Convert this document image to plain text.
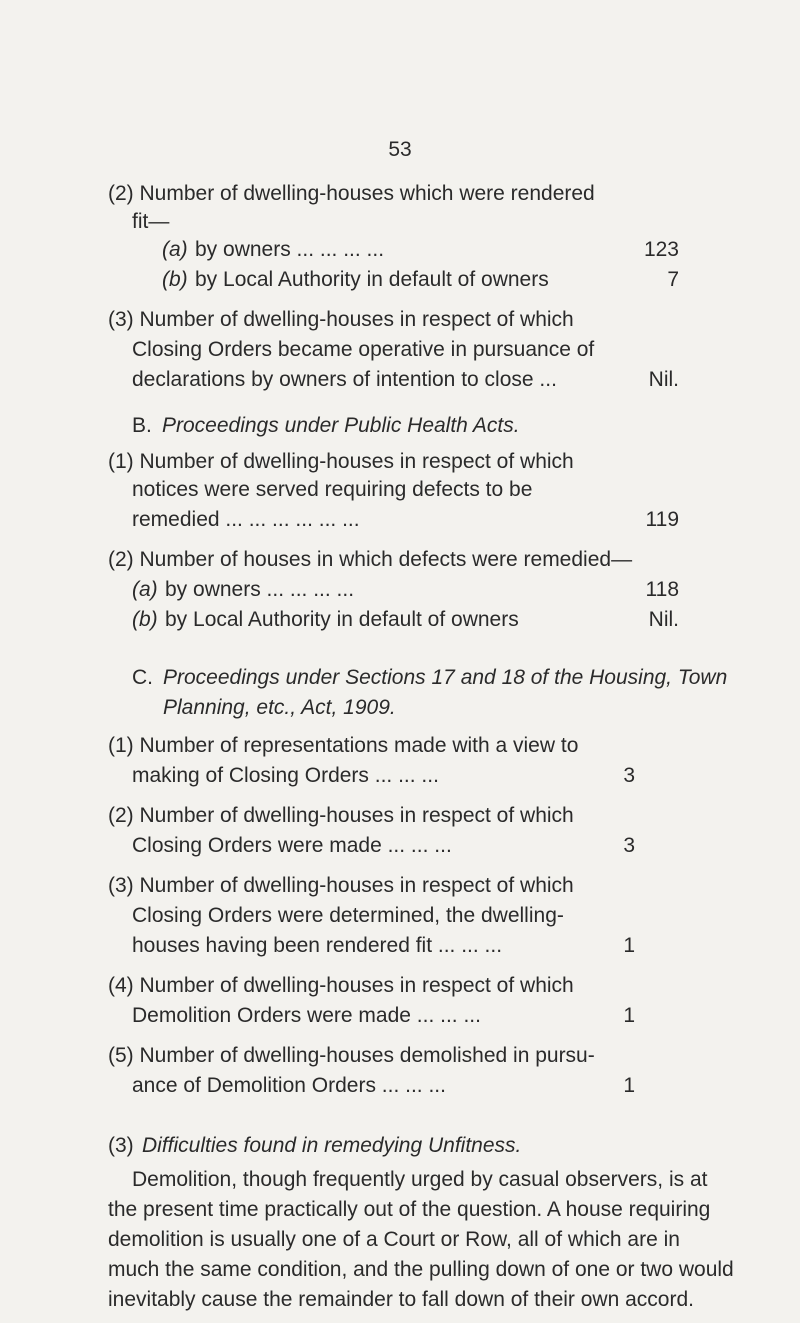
53
(2) Number of dwelling-houses which were rendered
fit—
(a) by owners ... ... ... ...	123
(b) by Local Authority in default of owners	7
(3) Number of dwelling-houses in respect of which
Closing Orders became operative in pursuance of
declarations by owners of intention to close ...	Nil.
B. Proceedings under Public Health Acts.
(1) Number of dwelling-houses in respect of which
notices were served requiring defects to be
remedied ... ... ... ... ... ...	119
(2) Number of houses in which defects were remedied—
(a) by owners ... ... ... ...	118
(b) by Local Authority in default of owners	Nil.
C. Proceedings under Sections 17 and 18 of the Housing, Town
Planning, etc., Act, 1909.
(1) Number of representations made with a view to
making of Closing Orders ... ... ...	3
(2) Number of dwelling-houses in respect of which
Closing Orders were made ... ... ...	3
(3) Number of dwelling-houses in respect of which
Closing Orders were determined, the dwelling-
houses having been rendered fit ... ... ...	1
(4) Number of dwelling-houses in respect of which
Demolition Orders were made ... ... ...	1
(5) Number of dwelling-houses demolished in pursu-
ance of Demolition Orders ... ... ...	1
(3) Difficulties found in remedying Unfitness.
Demolition, though frequently urged by casual observers, is at
the present time practically out of the question. A house requiring
demolition is usually one of a Court or Row, all of which are in
much the same condition, and the pulling down of one or two would
inevitably cause the remainder to fall down of their own accord.
